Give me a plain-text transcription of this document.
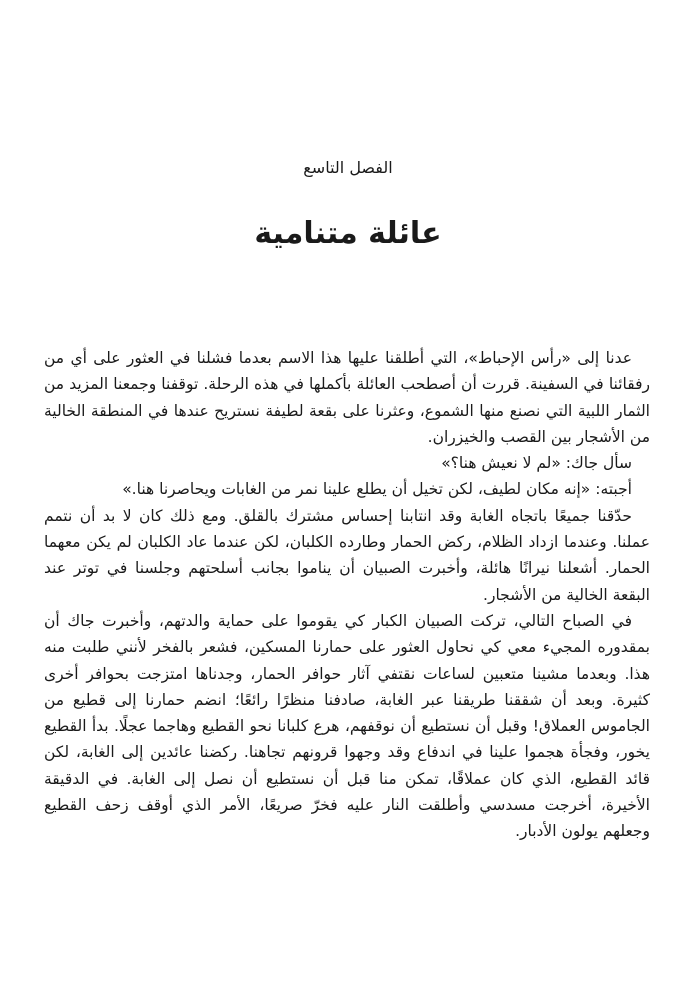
الفصل التاسع
عائلة متنامية

عدنا إلى «رأس الإحباط»، التي أطلقنا عليها هذا الاسم بعدما فشلنا في العثور على أي من رفقائنا في السفينة. قررت أن أصطحب العائلة بأكملها في هذه الرحلة. توقفنا وجمعنا المزيد من الثمار اللبية التي نصنع منها الشموع، وعثرنا على بقعة لطيفة نستريح عندها في المنطقة الخالية من الأشجار بين القصب والخيزران.

سأل جاك: «لم لا نعيش هنا؟»

أجبته: «إنه مكان لطيف، لكن تخيل أن يطلع علينا نمر من الغابات ويحاصرنا هنا.»

حدّقنا جميعًا باتجاه الغابة وقد انتابنا إحساس مشترك بالقلق. ومع ذلك كان لا بد أن نتمم عملنا. وعندما ازداد الظلام، ركض الحمار وطارده الكلبان، لكن عندما عاد الكلبان لم يكن معهما الحمار. أشعلنا نيرانًا هائلة، وأخبرت الصبيان أن يناموا بجانب أسلحتهم وجلسنا في توتر عند البقعة الخالية من الأشجار.

في الصباح التالي، تركت الصبيان الكبار كي يقوموا على حماية والدتهم، وأخبرت جاك أن بمقدوره المجيء معي كي نحاول العثور على حمارنا المسكين، فشعر بالفخر لأنني طلبت منه هذا. وبعدما مشينا متعبين لساعات نقتفي آثار حوافر الحمار، وجدناها امتزجت بحوافر أخرى كثيرة. وبعد أن شققنا طريقنا عبر الغابة، صادفنا منظرًا رائعًا؛ انضم حمارنا إلى قطيع من الجاموس العملاق! وقبل أن نستطيع أن نوقفهم، هرع كلبانا نحو القطيع وهاجما عجلًا. بدأ القطيع يخور، وفجأة هجموا علينا في اندفاع وقد وجهوا قرونهم تجاهنا. ركضنا عائدين إلى الغابة، لكن قائد القطيع، الذي كان عملاقًا، تمكن منا قبل أن نستطيع أن نصل إلى الغابة. في الدقيقة الأخيرة، أخرجت مسدسي وأطلقت النار عليه فخرّ صريعًا، الأمر الذي أوقف زحف القطيع وجعلهم يولون الأدبار.
